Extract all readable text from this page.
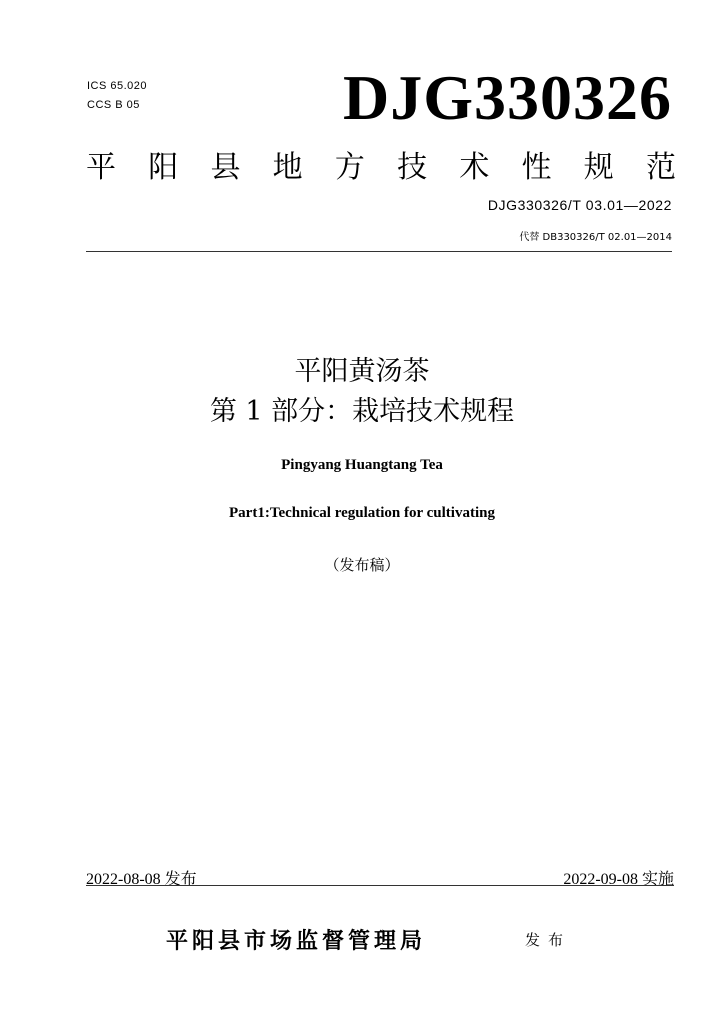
ICS 65.020
CCS B 05	DJG330326
平 阳 县 地 方 技 术 性 规 范
DJG330326/T 03.01—2022
代替 DB330326/T 02.01—2014
平阳黄汤茶
第 1 部分：栽培技术规程
Pingyang Huangtang Tea
Part1:Technical regulation for cultivating
（发布稿）
2022-08-08 发布	2022-09-08 实施
平阳县市场监督管理局	发布
